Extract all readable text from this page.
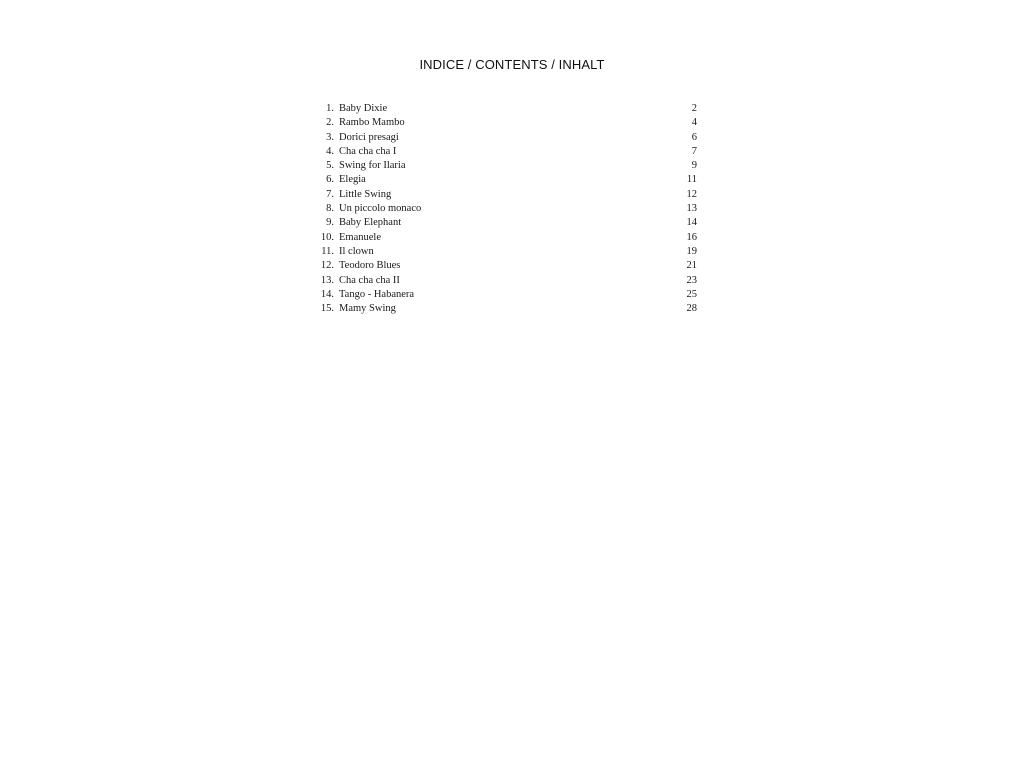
INDICE / CONTENTS / INHALT
1. Baby Dixie	2
2. Rambo Mambo	4
3. Dorici presagi	6
4. Cha cha cha I	7
5. Swing for Ilaria	9
6. Elegia	11
7. Little Swing	12
8. Un piccolo monaco	13
9. Baby Elephant	14
10. Emanuele	16
11. Il clown	19
12. Teodoro Blues	21
13. Cha cha cha II	23
14. Tango - Habanera	25
15. Mamy Swing	28
